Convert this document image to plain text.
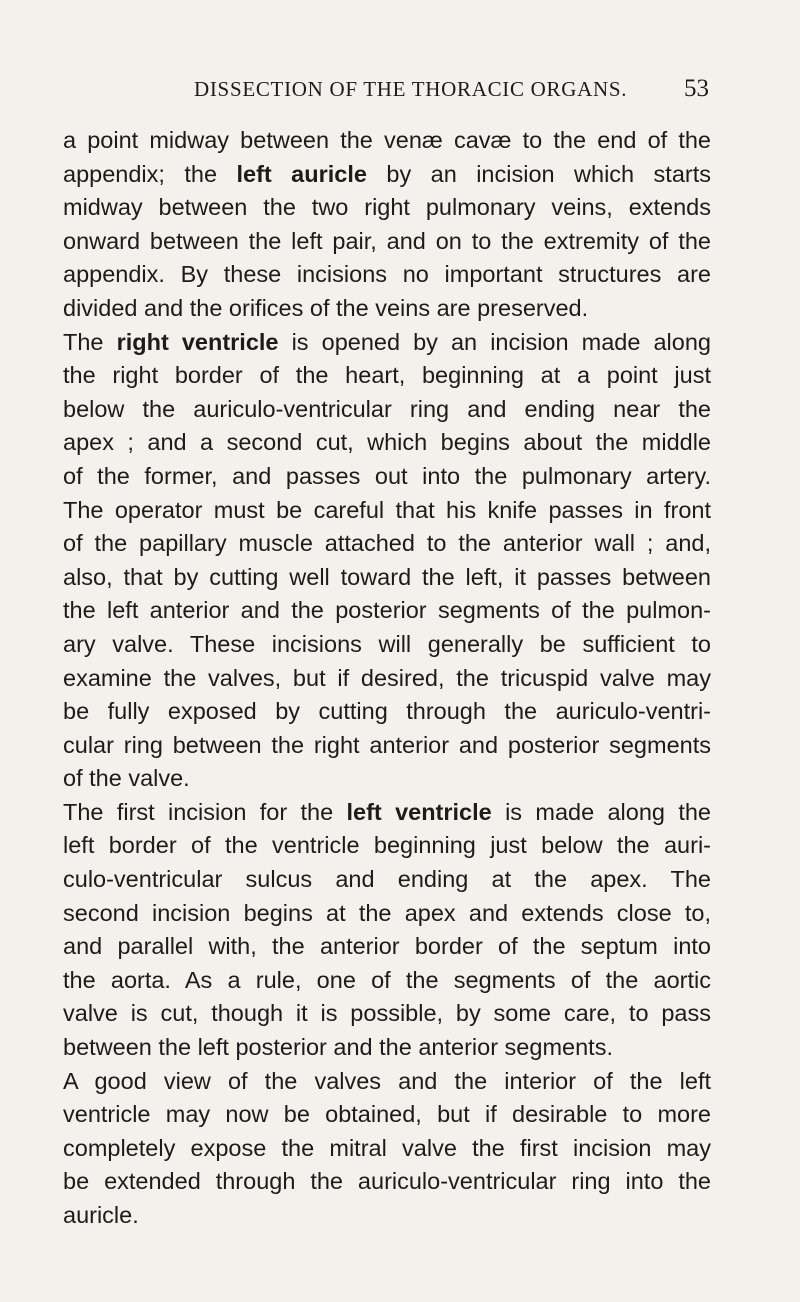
DISSECTION OF THE THORACIC ORGANS. 53
a point midway between the venæ cavæ to the end of the
appendix; the left auricle by an incision which starts
midway between the two right pulmonary veins, extends
onward between the left pair, and on to the extremity of the
appendix. By these incisions no important structures are
divided and the orifices of the veins are preserved.
The right ventricle is opened by an incision made along
the right border of the heart, beginning at a point just
below the auriculo-ventricular ring and ending near the
apex ; and a second cut, which begins about the middle
of the former, and passes out into the pulmonary artery.
The operator must be careful that his knife passes in front
of the papillary muscle attached to the anterior wall ; and,
also, that by cutting well toward the left, it passes between
the left anterior and the posterior segments of the pulmon-
ary valve. These incisions will generally be sufficient to
examine the valves, but if desired, the tricuspid valve may
be fully exposed by cutting through the auriculo-ventri-
cular ring between the right anterior and posterior segments
of the valve.
The first incision for the left ventricle is made along the
left border of the ventricle beginning just below the auri-
culo-ventricular sulcus and ending at the apex. The
second incision begins at the apex and extends close to,
and parallel with, the anterior border of the septum into
the aorta. As a rule, one of the segments of the aortic
valve is cut, though it is possible, by some care, to pass
between the left posterior and the anterior segments.
A good view of the valves and the interior of the left
ventricle may now be obtained, but if desirable to more
completely expose the mitral valve the first incision may
be extended through the auriculo-ventricular ring into the
auricle.
